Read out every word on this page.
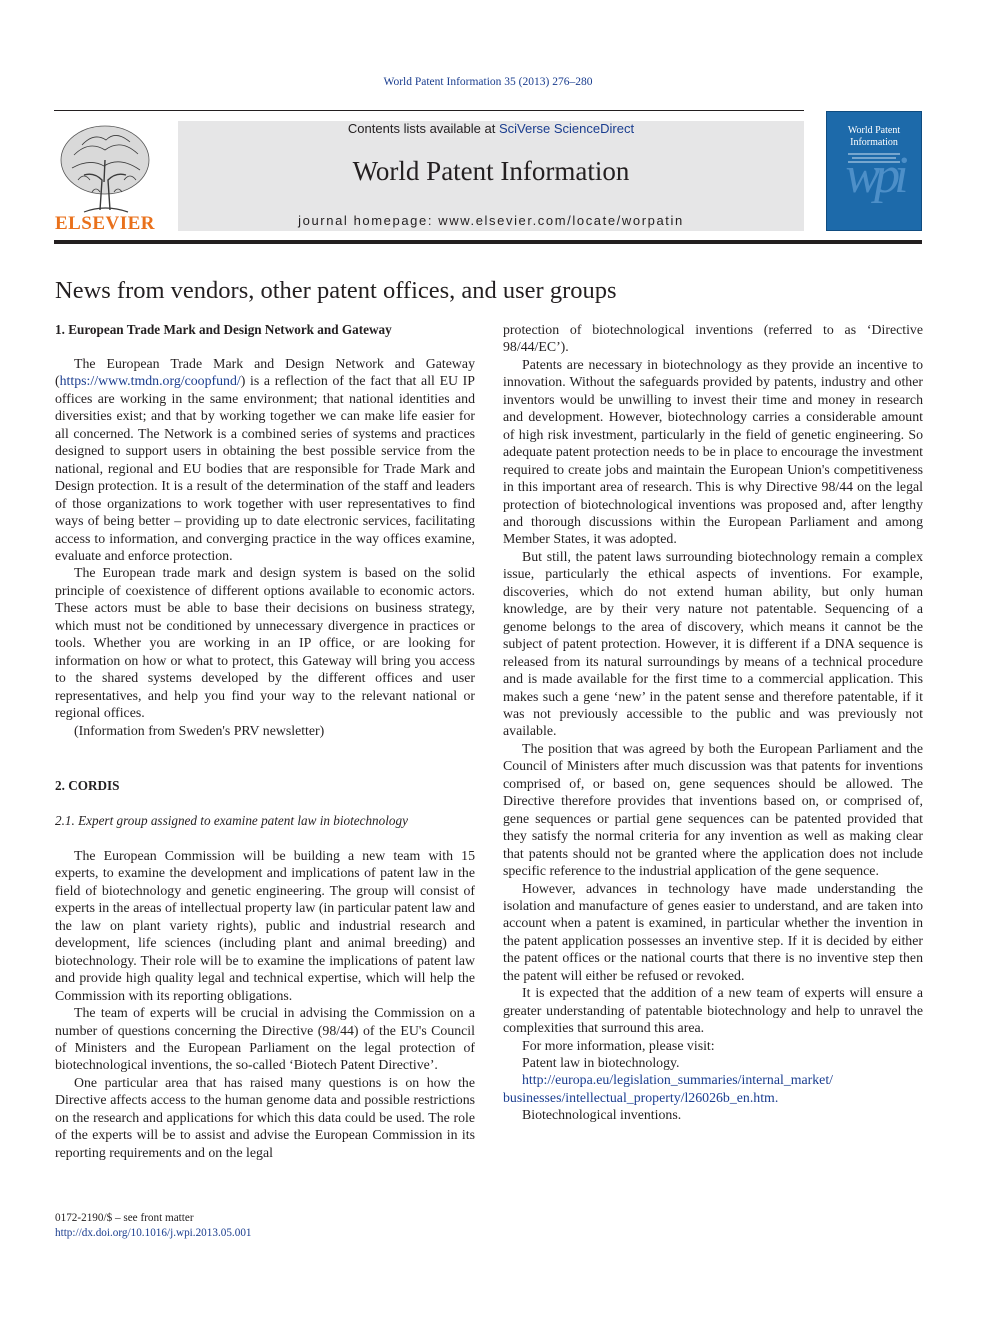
World Patent Information 35 (2013) 276–280
ELSEVIER
Contents lists available at SciVerse ScienceDirect
World Patent Information
journal homepage: www.elsevier.com/locate/worpatin
wpi
World Patent Information
News from vendors, other patent offices, and user groups
1. European Trade Mark and Design Network and Gateway

The European Trade Mark and Design Network and Gateway (https://www.tmdn.org/coopfund/) is a reflection of the fact that all EU IP offices are working in the same environment; that national identities and diversities exist; and that by working together we can make life easier for all concerned. The Network is a combined series of systems and practices designed to support users in obtaining the best possible service from the national, regional and EU bodies that are responsible for Trade Mark and Design protection. It is a result of the determination of the staff and leaders of those organizations to work together with user representatives to find ways of being better – providing up to date electronic services, facilitating access to information, and converging practice in the way offices examine, evaluate and enforce protection.

The European trade mark and design system is based on the solid principle of coexistence of different options available to economic actors. These actors must be able to base their decisions on business strategy, which must not be conditioned by unnecessary divergence in practices or tools. Whether you are working in an IP office, or are looking for information on how or what to protect, this Gateway will bring you access to the shared systems developed by the different offices and user representatives, and help you find your way to the relevant national or regional offices.

(Information from Sweden's PRV newsletter)

2. CORDIS
2.1. Expert group assigned to examine patent law in biotechnology

The European Commission will be building a new team with 15 experts, to examine the development and implications of patent law in the field of biotechnology and genetic engineering. The group will consist of experts in the areas of intellectual property law (in particular patent law and the law on plant variety rights), public and industrial research and development, life sciences (including plant and animal breeding) and biotechnology. Their role will be to examine the implications of patent law and provide high quality legal and technical expertise, which will help the Commission with its reporting obligations.

The team of experts will be crucial in advising the Commission on a number of questions concerning the Directive (98/44) of the EU's Council of Ministers and the European Parliament on the legal protection of biotechnological inventions, the so-called ‘Biotech Patent Directive’.

One particular area that has raised many questions is on how the Directive affects access to the human genome data and possible restrictions on the research and applications for which this data could be used. The role of the experts will be to assist and advise the European Commission in its reporting requirements and on the legal

protection of biotechnological inventions (referred to as ‘Directive 98/44/EC’).

Patents are necessary in biotechnology as they provide an incentive to innovation. Without the safeguards provided by patents, industry and other inventors would be unwilling to invest their time and money in research and development. However, biotechnology carries a considerable amount of high risk investment, particularly in the field of genetic engineering. So adequate patent protection needs to be in place to encourage the investment required to create jobs and maintain the European Union's competitiveness in this important area of research. This is why Directive 98/44 on the legal protection of biotechnological inventions was proposed and, after lengthy and thorough discussions within the European Parliament and among Member States, it was adopted.

But still, the patent laws surrounding biotechnology remain a complex issue, particularly the ethical aspects of inventions. For example, discoveries, which do not extend human ability, but only human knowledge, are by their very nature not patentable. Sequencing of a genome belongs to the area of discovery, which means it cannot be the subject of patent protection. However, it is different if a DNA sequence is released from its natural surroundings by means of a technical procedure and is made available for the first time to a commercial application. This makes such a gene ‘new’ in the patent sense and therefore patentable, if it was not previously accessible to the public and was previously not available.

The position that was agreed by both the European Parliament and the Council of Ministers after much discussion was that patents for inventions comprised of, or based on, gene sequences should be allowed. The Directive therefore provides that inventions based on, or comprised of, gene sequences or partial gene sequences can be patented provided that they satisfy the normal criteria for any invention as well as making clear that patents should not be granted where the application does not include specific reference to the industrial application of the gene sequence.

However, advances in technology have made understanding the isolation and manufacture of genes easier to understand, and are taken into account when a patent is examined, in particular whether the invention in the patent application possesses an inventive step. If it is decided by either the patent offices or the national courts that there is no inventive step then the patent will either be refused or revoked.

It is expected that the addition of a new team of experts will ensure a greater understanding of patentable biotechnology and help to unravel the complexities that surround this area.

For more information, please visit:

Patent law in biotechnology.

http://europa.eu/legislation_summaries/internal_market/
businesses/intellectual_property/l26026b_en.htm.

Biotechnological inventions.

0172-2190/$ – see front matter
http://dx.doi.org/10.1016/j.wpi.2013.05.001
